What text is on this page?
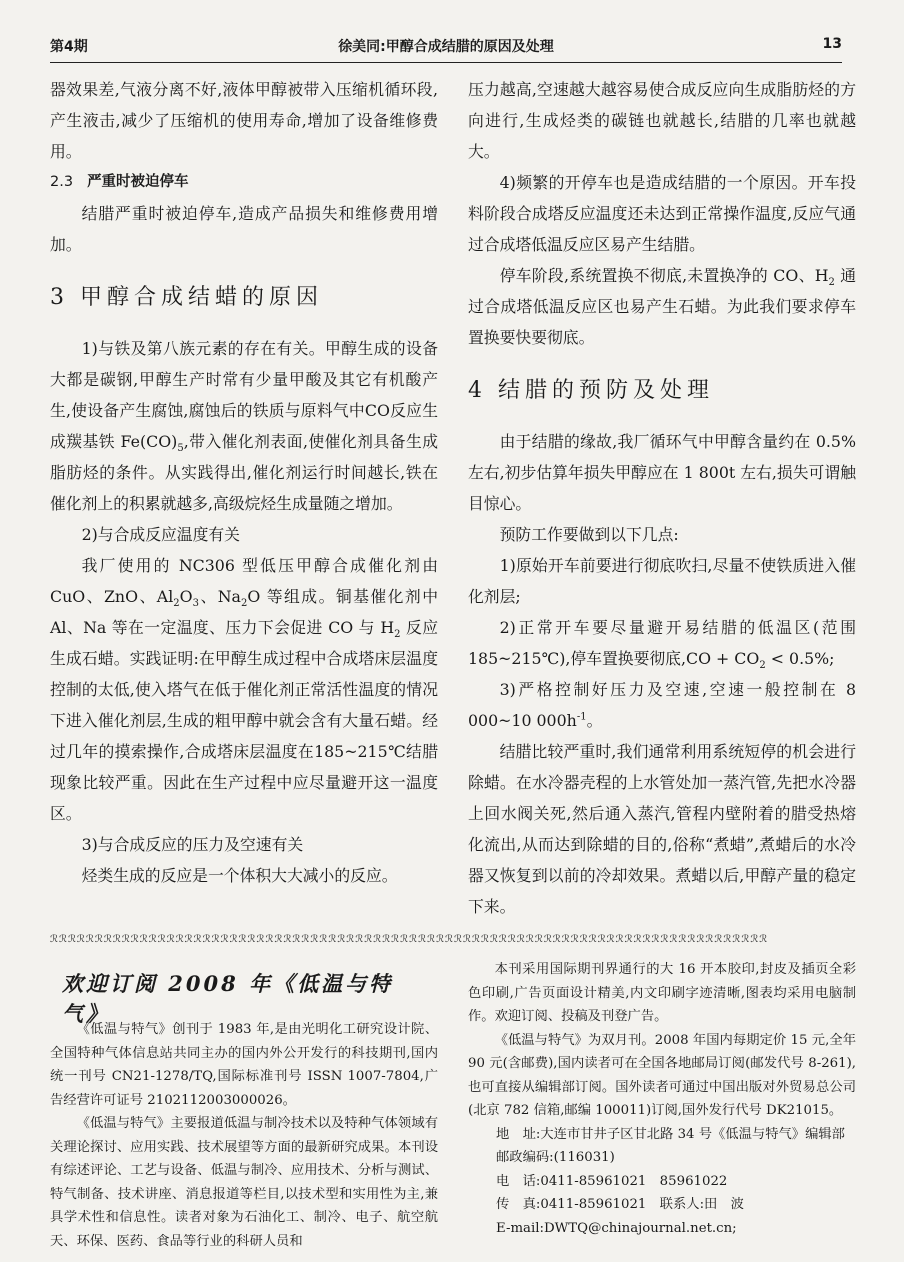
第4期	徐美同:甲醇合成结腊的原因及处理	13

器效果差,气液分离不好,液体甲醇被带入压缩机循环段,产生液击,减少了压缩机的使用寿命,增加了设备维修费用。

2.3 严重时被迫停车

结腊严重时被迫停车,造成产品损失和维修费用增加。

3 甲醇合成结蜡的原因

1)与铁及第八族元素的存在有关。甲醇生成的设备大都是碳钢,甲醇生产时常有少量甲酸及其它有机酸产生,使设备产生腐蚀,腐蚀后的铁质与原料气中CO反应生成羰基铁 $Fe(CO)_5$,带入催化剂表面,使催化剂具备生成脂肪烃的条件。从实践得出,催化剂运行时间越长,铁在催化剂上的积累就越多,高级烷烃生成量随之增加。

2)与合成反应温度有关

我厂使用的 NC306 型低压甲醇合成催化剂由 CuO、ZnO、$Al_2O_3$、$Na_2O$ 等组成。铜基催化剂中 Al、Na 等在一定温度、压力下会促进 CO 与 $H_2$ 反应生成石蜡。实践证明:在甲醇生成过程中合成塔床层温度控制的太低,使入塔气在低于催化剂正常活性温度的情况下进入催化剂层,生成的粗甲醇中就会含有大量石蜡。经过几年的摸索操作,合成塔床层温度在185~215℃结腊现象比较严重。因此在生产过程中应尽量避开这一温度区。

3)与合成反应的压力及空速有关

烃类生成的反应是一个体积大大减小的反应。

压力越高,空速越大越容易使合成反应向生成脂肪烃的方向进行,生成烃类的碳链也就越长,结腊的几率也就越大。

4)频繁的开停车也是造成结腊的一个原因。开车投料阶段合成塔反应温度还未达到正常操作温度,反应气通过合成塔低温反应区易产生结腊。

停车阶段,系统置换不彻底,未置换净的 CO、$H_2$ 通过合成塔低温反应区也易产生石蜡。为此我们要求停车置换要快要彻底。

4 结腊的预防及处理

由于结腊的缘故,我厂循环气中甲醇含量约在 0.5%左右,初步估算年损失甲醇应在 1 800t 左右,损失可谓触目惊心。

预防工作要做到以下几点:

1)原始开车前要进行彻底吹扫,尽量不使铁质进入催化剂层;

2)正常开车要尽量避开易结腊的低温区(范围 185~215℃),停车置换要彻底$,CO + CO_2 < 0.5\%$;

3)严格控制好压力及空速,空速一般控制在 8 000~10 $000h^{-1}$。

结腊比较严重时,我们通常利用系统短停的机会进行除蜡。在水冷器壳程的上水管处加一蒸汽管,先把水冷器上回水阀关死,然后通入蒸汽,管程内壁附着的腊受热熔化流出,从而达到除蜡的目的,俗称“煮蜡”,煮蜡后的水冷器又恢复到以前的冷却效果。煮蜡以后,甲醇产量的稳定下来。

ℛℛℛℛℛℛℛℛℛℛℛℛℛℛℛℛℛℛℛℛℛℛℛℛℛℛℛℛℛℛℛℛℛℛℛℛℛℛℛℛℛℛℛℛℛℛℛℛℛℛℛℛℛℛℛℛℛℛℛℛℛℛℛℛℛℛℛℛℛℛℛℛℛℛℛℛℛℛℛℛ
欢迎订阅 2008 年《低温与特气》

《低温与特气》创刊于 1983 年,是由光明化工研究设计院、全国特种气体信息站共同主办的国内外公开发行的科技期刊,国内统一刊号 CN21-1278/TQ,国际标准刊号 ISSN 1007-7804,广告经营许可证号 2102112003000026。

《低温与特气》主要报道低温与制冷技术以及特种气体领域有关理论探讨、应用实践、技术展望等方面的最新研究成果。本刊设有综述评论、工艺与设备、低温与制冷、应用技术、分析与测试、特气制备、技术讲座、消息报道等栏目,以技术型和实用性为主,兼具学术性和信息性。读者对象为石油化工、制冷、电子、航空航天、环保、医药、食品等行业的科研人员和

本刊采用国际期刊界通行的大 16 开本胶印,封皮及插页全彩色印刷,广告页面设计精美,内文印刷字迹清晰,图表均采用电脑制作。欢迎订阅、投稿及刊登广告。

《低温与特气》为双月刊。2008 年国内每期定价 15 元,全年 90 元(含邮费),国内读者可在全国各地邮局订阅(邮发代号 8-261),也可直接从编辑部订阅。国外读者可通过中国出版对外贸易总公司(北京 782 信箱,邮编 100011)订阅,国外发行代号 DK21015。

地　址:大连市甘井子区甘北路 34 号《低温与特气》编辑部

邮政编码:(116031)

电　话:0411-85961021　85961022

传　真:0411-85961021　联系人:田　波

E-mail:DWTQ@chinajournal.net.cn;
